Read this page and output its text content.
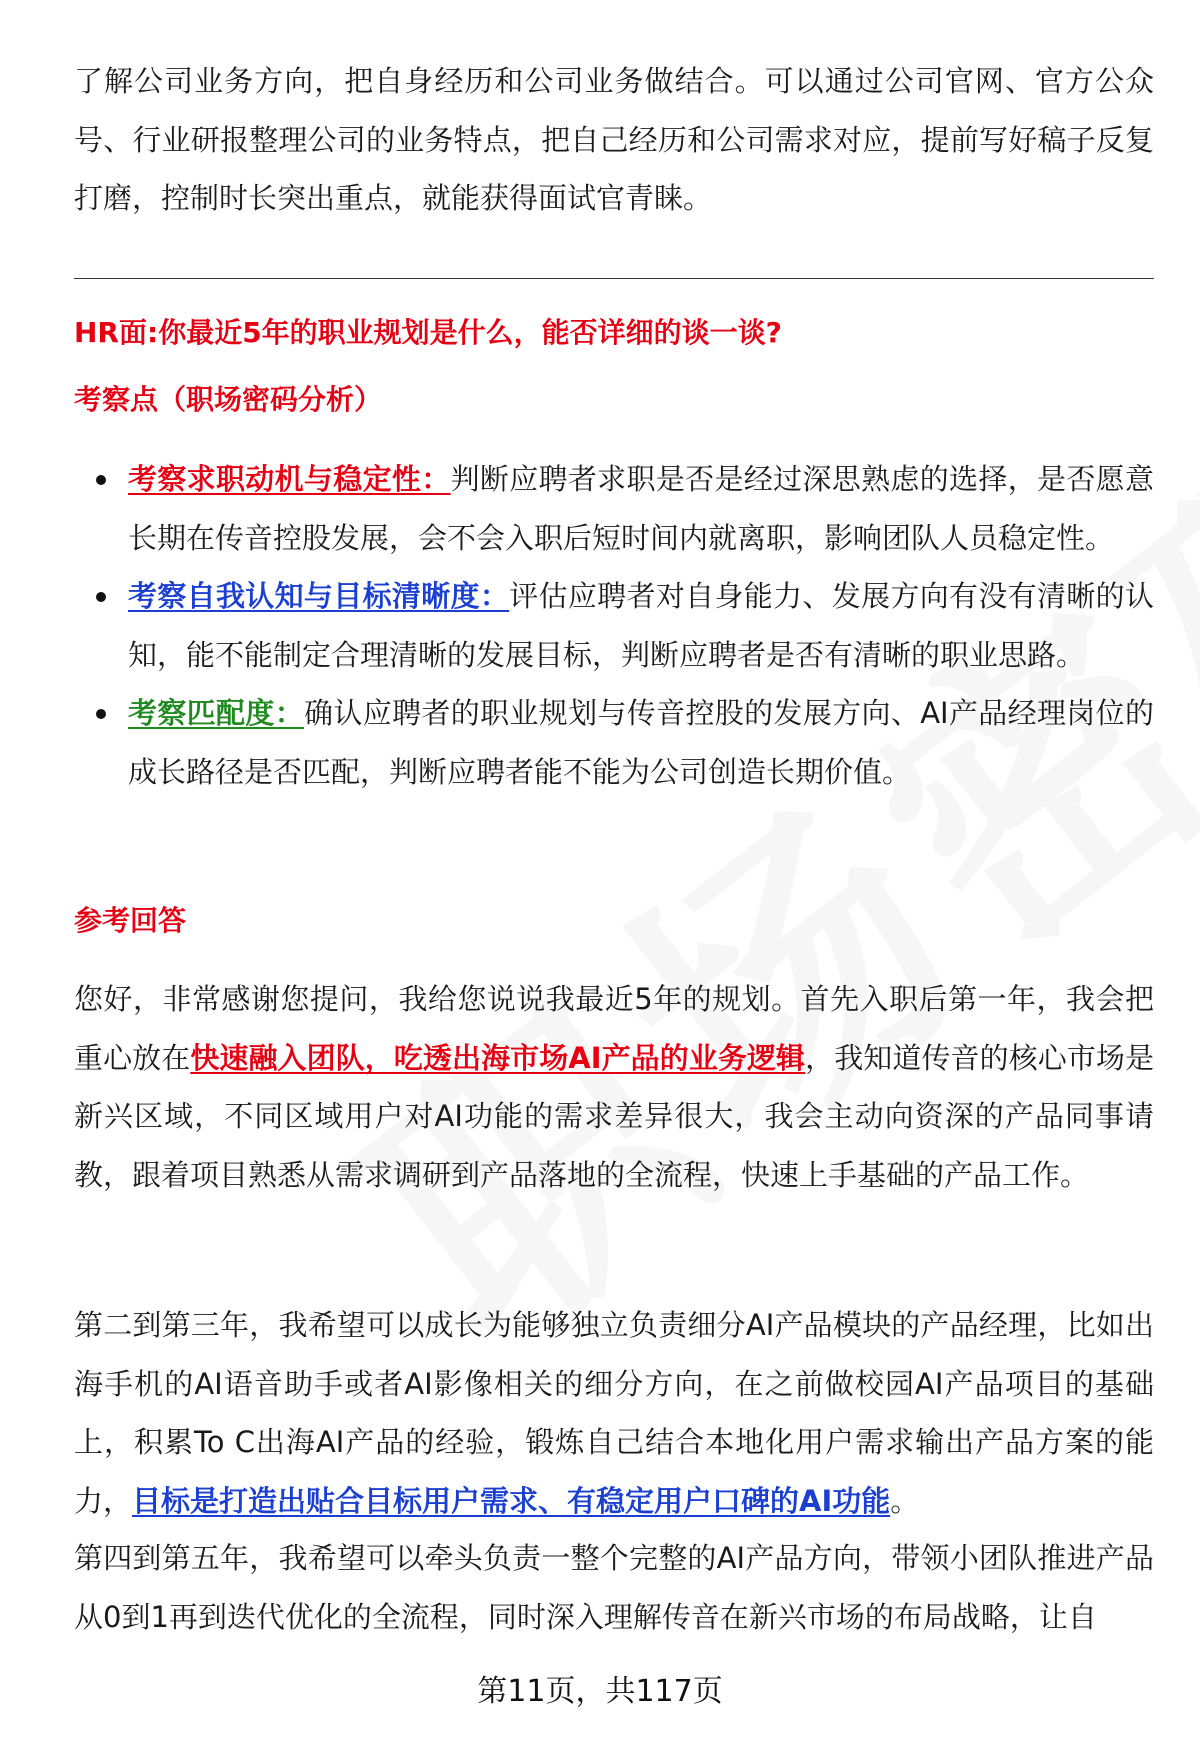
了解公司业务方向，把自身经历和公司业务做结合。可以通过公司官网、官方公众号、行业研报整理公司的业务特点，把自己经历和公司需求对应，提前写好稿子反复打磨，控制时长突出重点，就能获得面试官青睐。

HR面:你最近5年的职业规划是什么，能否详细的谈一谈?

考察点（职场密码分析）

考察求职动机与稳定性：判断应聘者求职是否是经过深思熟虑的选择，是否愿意长期在传音控股发展，会不会入职后短时间内就离职，影响团队人员稳定性。
考察自我认知与目标清晰度：评估应聘者对自身能力、发展方向有没有清晰的认知，能不能制定合理清晰的发展目标，判断应聘者是否有清晰的职业思路。
考察匹配度：确认应聘者的职业规划与传音控股的发展方向、AI产品经理岗位的成长路径是否匹配，判断应聘者能不能为公司创造长期价值。

参考回答

您好，非常感谢您提问，我给您说说我最近5年的规划。首先入职后第一年，我会把重心放在快速融入团队，吃透出海市场AI产品的业务逻辑，我知道传音的核心市场是新兴区域，不同区域用户对AI功能的需求差异很大，我会主动向资深的产品同事请教，跟着项目熟悉从需求调研到产品落地的全流程，快速上手基础的产品工作。

第二到第三年，我希望可以成长为能够独立负责细分AI产品模块的产品经理，比如出海手机的AI语音助手或者AI影像相关的细分方向，在之前做校园AI产品项目的基础上，积累To C出海AI产品的经验，锻炼自己结合本地化用户需求输出产品方案的能力，目标是打造出贴合目标用户需求、有稳定用户口碑的AI功能。

第四到第五年，我希望可以牵头负责一整个完整的AI产品方向，带领小团队推进产品从0到1再到迭代优化的全流程，同时深入理解传音在新兴市场的布局战略，让自

第11页，共117页
